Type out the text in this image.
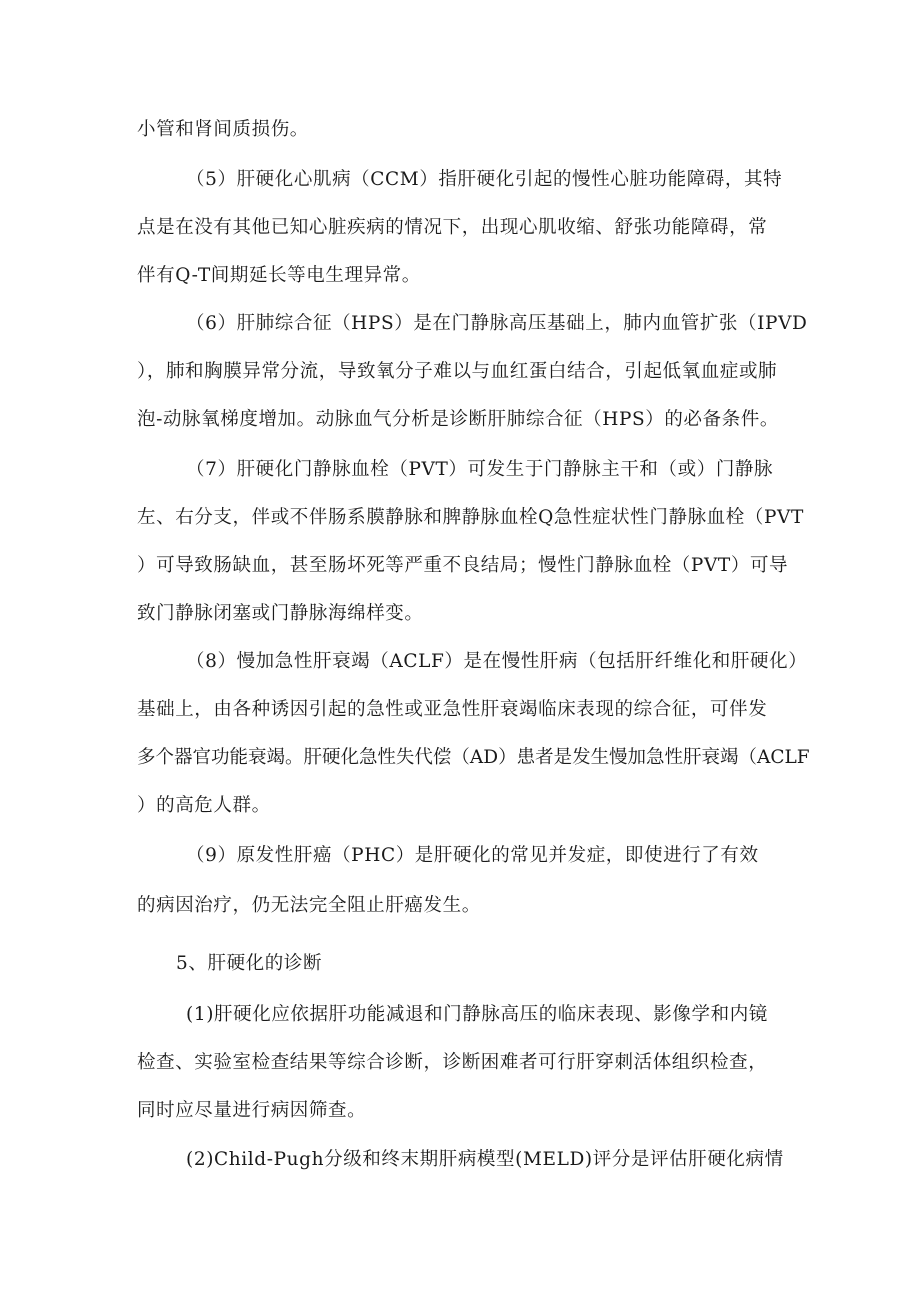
小管和肾间质损伤。
（5）肝硬化心肌病（CCM）指肝硬化引起的慢性心脏功能障碍，其特
点是在没有其他已知心脏疾病的情况下，出现心肌收缩、舒张功能障碍，常
伴有Q-T间期延长等电生理异常。
（6）肝肺综合征（HPS）是在门静脉高压基础上，肺内血管扩张（IPVD
），肺和胸膜异常分流，导致氧分子难以与血红蛋白结合，引起低氧血症或肺
泡-动脉氧梯度增加。动脉血气分析是诊断肝肺综合征（HPS）的必备条件。
（7）肝硬化门静脉血栓（PVT）可发生于门静脉主干和（或）门静脉
左、右分支，伴或不伴肠系膜静脉和脾静脉血栓Q急性症状性门静脉血栓（PVT
）可导致肠缺血，甚至肠坏死等严重不良结局；慢性门静脉血栓（PVT）可导
致门静脉闭塞或门静脉海绵样变。
（8）慢加急性肝衰竭（ACLF）是在慢性肝病（包括肝纤维化和肝硬化）
基础上，由各种诱因引起的急性或亚急性肝衰竭临床表现的综合征，可伴发
多个器官功能衰竭。肝硬化急性失代偿（AD）患者是发生慢加急性肝衰竭（ACLF
）的高危人群。
（9）原发性肝癌（PHC）是肝硬化的常见并发症，即使进行了有效
的病因治疗，仍无法完全阻止肝癌发生。
5、肝硬化的诊断
(1)肝硬化应依据肝功能减退和门静脉高压的临床表现、影像学和内镜
检查、实验室检查结果等综合诊断，诊断困难者可行肝穿刺活体组织检查，
同时应尽量进行病因筛查。
(2)Child-Pugh分级和终末期肝病模型(MELD)评分是评估肝硬化病情
